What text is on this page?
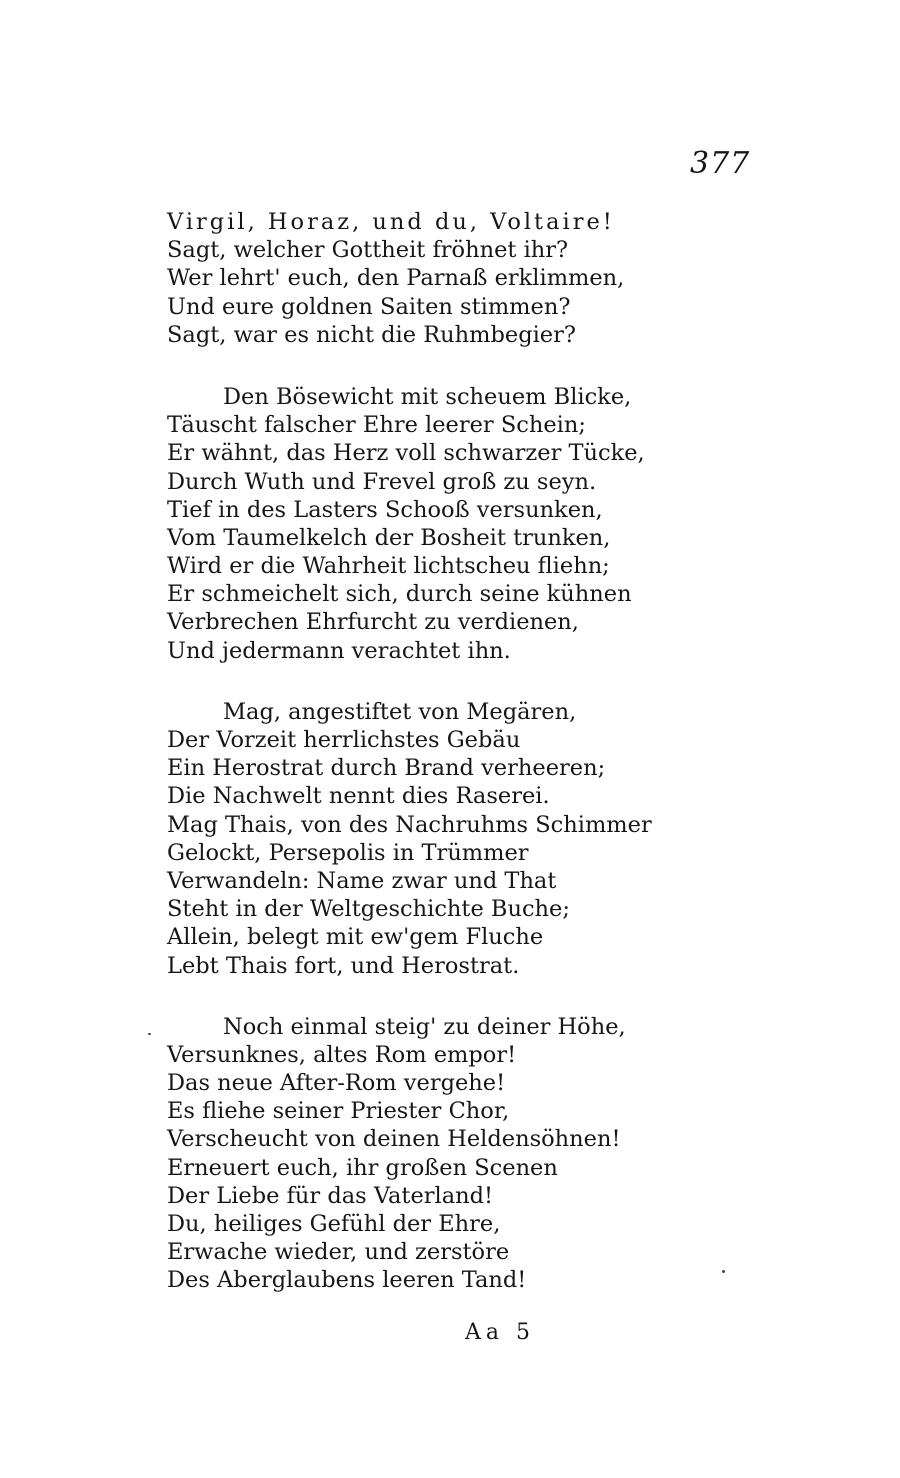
377
Virgil, Horaz, und du, Voltaire!
Sagt, welcher Gottheit fröhnet ihr?
Wer lehrt' euch, den Parnaß erklimmen,
Und eure goldnen Saiten stimmen?
Sagt, war es nicht die Ruhmbegier?
Den Bösewicht mit scheuem Blicke,
Täuscht falscher Ehre leerer Schein;
Er wähnt, das Herz voll schwarzer Tücke,
Durch Wuth und Frevel groß zu seyn.
Tief in des Lasters Schooß versunken,
Vom Taumelkelch der Bosheit trunken,
Wird er die Wahrheit lichtscheu fliehn;
Er schmeichelt sich, durch seine kühnen
Verbrechen Ehrfurcht zu verdienen,
Und jedermann verachtet ihn.
Mag, angestiftet von Megären,
Der Vorzeit herrlichstes Gebäu
Ein Herostrat durch Brand verheeren;
Die Nachwelt nennt dies Raserei.
Mag Thais, von des Nachruhms Schimmer
Gelockt, Persepolis in Trümmer
Verwandeln: Name zwar und That
Steht in der Weltgeschichte Buche;
Allein, belegt mit ew'gem Fluche
Lebt Thais fort, und Herostrat.
Noch einmal steig' zu deiner Höhe,
Versunknes, altes Rom empor!
Das neue After-Rom vergehe!
Es fliehe seiner Priester Chor,
Verscheucht von deinen Heldensöhnen!
Erneuert euch, ihr großen Scenen
Der Liebe für das Vaterland!
Du, heiliges Gefühl der Ehre,
Erwache wieder, und zerstöre
Des Aberglaubens leeren Tand!
Aa 5
